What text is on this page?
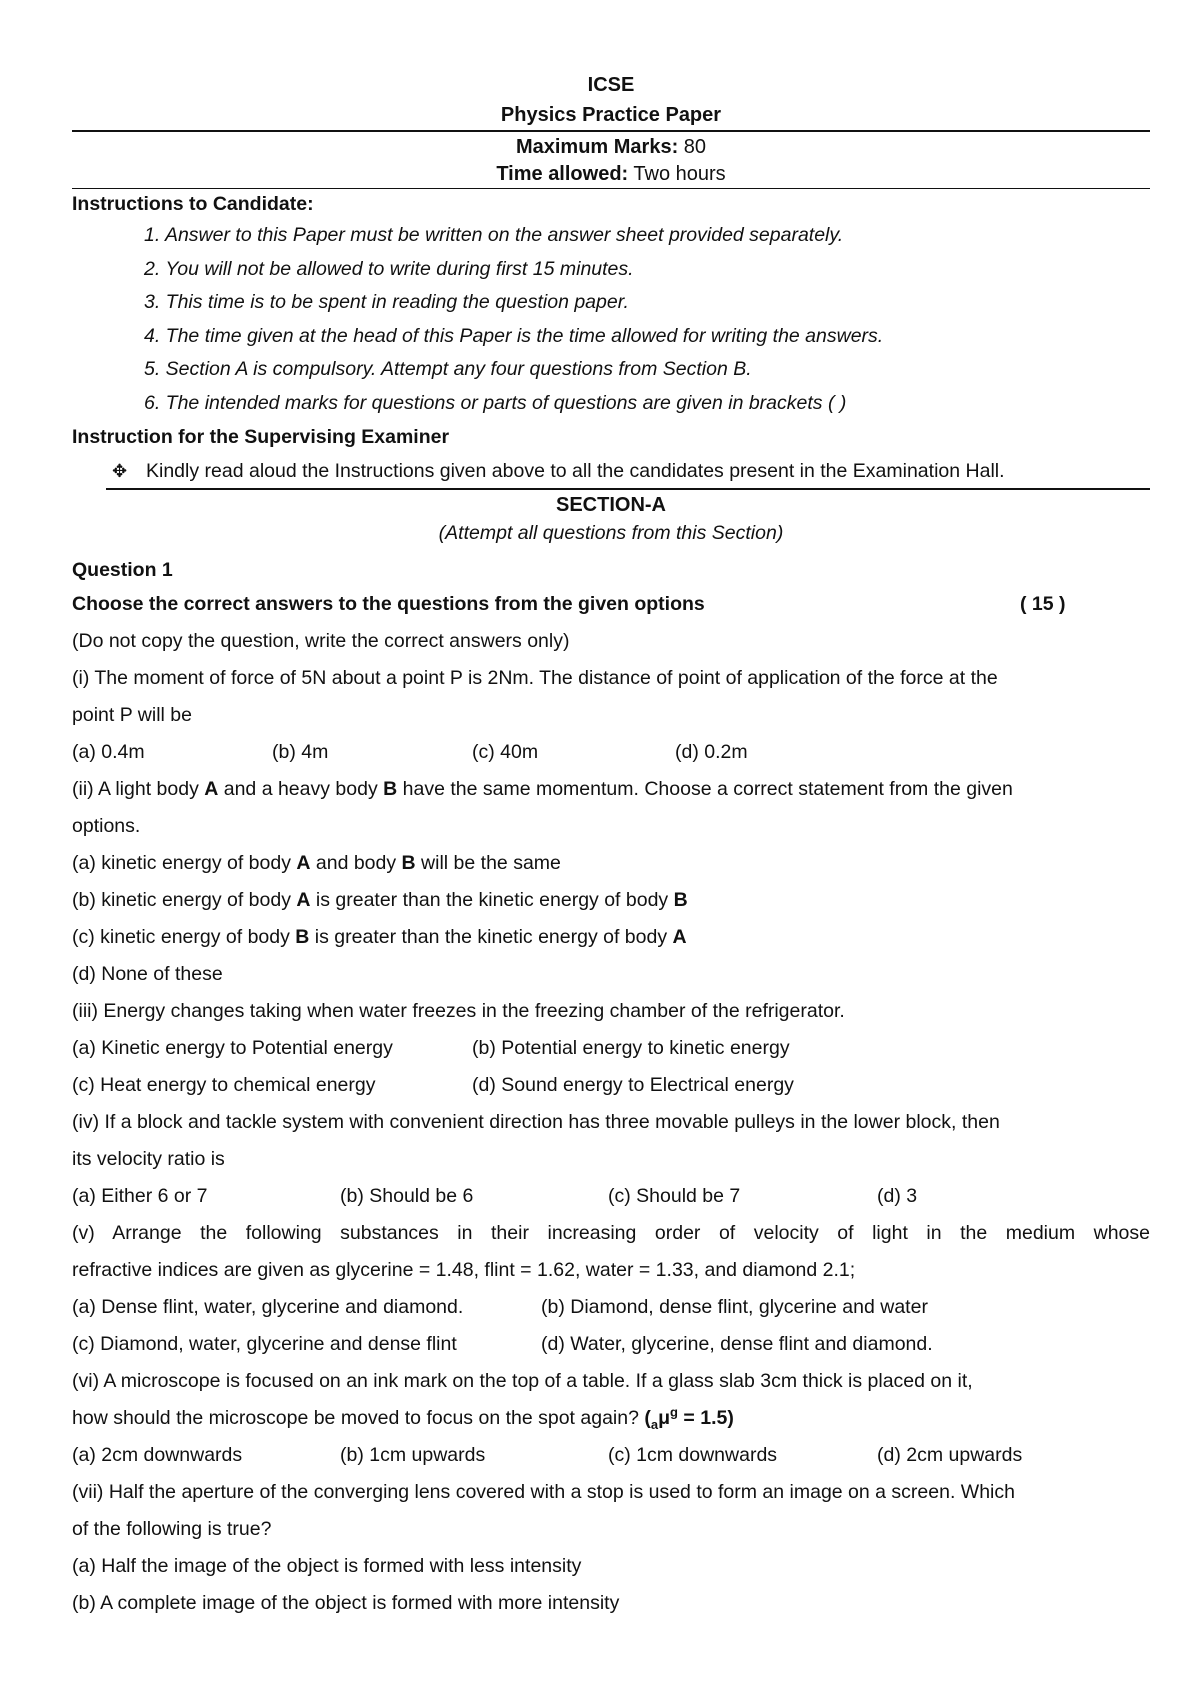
ICSE
Physics Practice Paper
Maximum Marks: 80
Time allowed: Two hours
Instructions to Candidate:
1. Answer to this Paper must be written on the answer sheet provided separately.
2. You will not be allowed to write during first 15 minutes.
3. This time is to be spent in reading the question paper.
4. The time given at the head of this Paper is the time allowed for writing the answers.
5. Section A is compulsory. Attempt any four questions from Section B.
6. The intended marks for questions or parts of questions are given in brackets ( )
Instruction for the Supervising Examiner
✥ Kindly read aloud the Instructions given above to all the candidates present in the Examination Hall.
SECTION-A
(Attempt all questions from this Section)
Question 1
Choose the correct answers to the questions from the given options	( 15 )
(Do not copy the question, write the correct answers only)
(i) The moment of force of 5N about a point P is 2Nm. The distance of point of application of the force at the
point P will be
(a) 0.4m	(b) 4m	(c) 40m	(d) 0.2m
(ii) A light body A and a heavy body B have the same momentum. Choose a correct statement from the given
options.
(a) kinetic energy of body A and body B will be the same
(b) kinetic energy of body A is greater than the kinetic energy of body B
(c) kinetic energy of body B is greater than the kinetic energy of body A
(d) None of these
(iii) Energy changes taking when water freezes in the freezing chamber of the refrigerator.
(a) Kinetic energy to Potential energy	(b) Potential energy to kinetic energy
(c) Heat energy to chemical energy	(d) Sound energy to Electrical energy
(iv) If a block and tackle system with convenient direction has three movable pulleys in the lower block, then
its velocity ratio is
(a) Either 6 or 7	(b) Should be 6	(c) Should be 7	(d) 3
(v) Arrange the following substances in their increasing order of velocity of light in the medium whose
refractive indices are given as glycerine = 1.48, flint = 1.62, water = 1.33, and diamond 2.1;
(a) Dense flint, water, glycerine and diamond.	(b) Diamond, dense flint, glycerine and water
(c) Diamond, water, glycerine and dense flint	(d) Water, glycerine, dense flint and diamond.
(vi) A microscope is focused on an ink mark on the top of a table. If a glass slab 3cm thick is placed on it,
how should the microscope be moved to focus on the spot again? $(_a\mu^g = 1.5)$
(a) 2cm downwards	(b) 1cm upwards	(c) 1cm downwards	(d) 2cm upwards
(vii) Half the aperture of the converging lens covered with a stop is used to form an image on a screen. Which
of the following is true?
(a) Half the image of the object is formed with less intensity
(b) A complete image of the object is formed with more intensity
